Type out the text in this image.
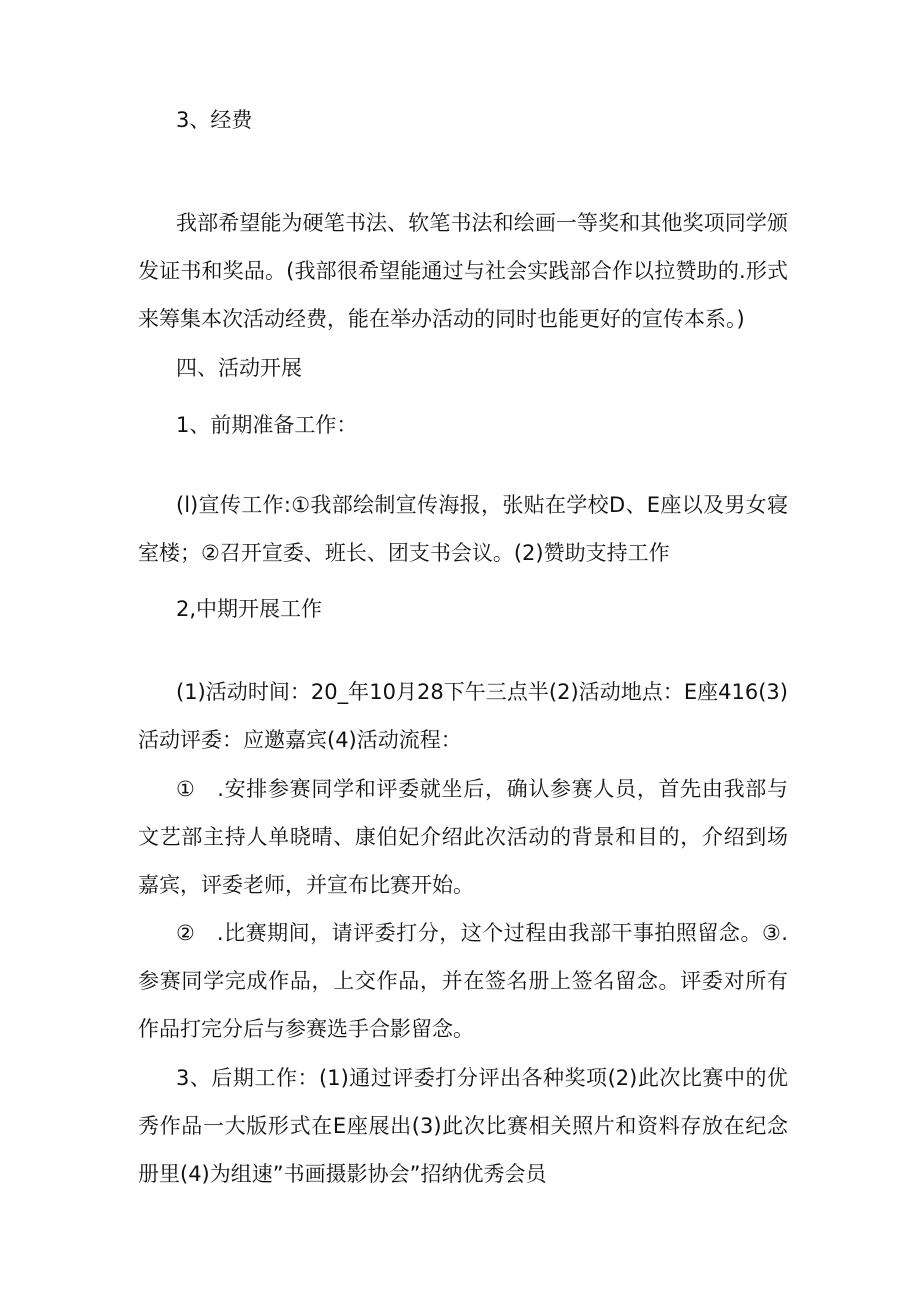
3、经费

我部希望能为硬笔书法、软笔书法和绘画一等奖和其他奖项同学颁发证书和奖品。(我部很希望能通过与社会实践部合作以拉赞助的.形式来筹集本次活动经费，能在举办活动的同时也能更好的宣传本系。)

四、活动开展

1、前期准备工作：

(l)宣传工作:①我部绘制宣传海报，张贴在学校D、E座以及男女寝室楼；②召开宣委、班长、团支书会议。(2)赞助支持工作

2,中期开展工作

(1)活动时间：20_年10月28下午三点半(2)活动地点：E座416(3)活动评委：应邀嘉宾(4)活动流程：

①　.安排参赛同学和评委就坐后，确认参赛人员，首先由我部与文艺部主持人单晓晴、康伯妃介绍此次活动的背景和目的，介绍到场嘉宾，评委老师，并宣布比赛开始。

②　.比赛期间，请评委打分，这个过程由我部干事拍照留念。③.参赛同学完成作品，上交作品，并在签名册上签名留念。评委对所有作品打完分后与参赛选手合影留念。

3、后期工作：(1)通过评委打分评出各种奖项(2)此次比赛中的优秀作品一大版形式在E座展出(3)此次比赛相关照片和资料存放在纪念册里(4)为组速”书画摄影协会”招纳优秀会员
